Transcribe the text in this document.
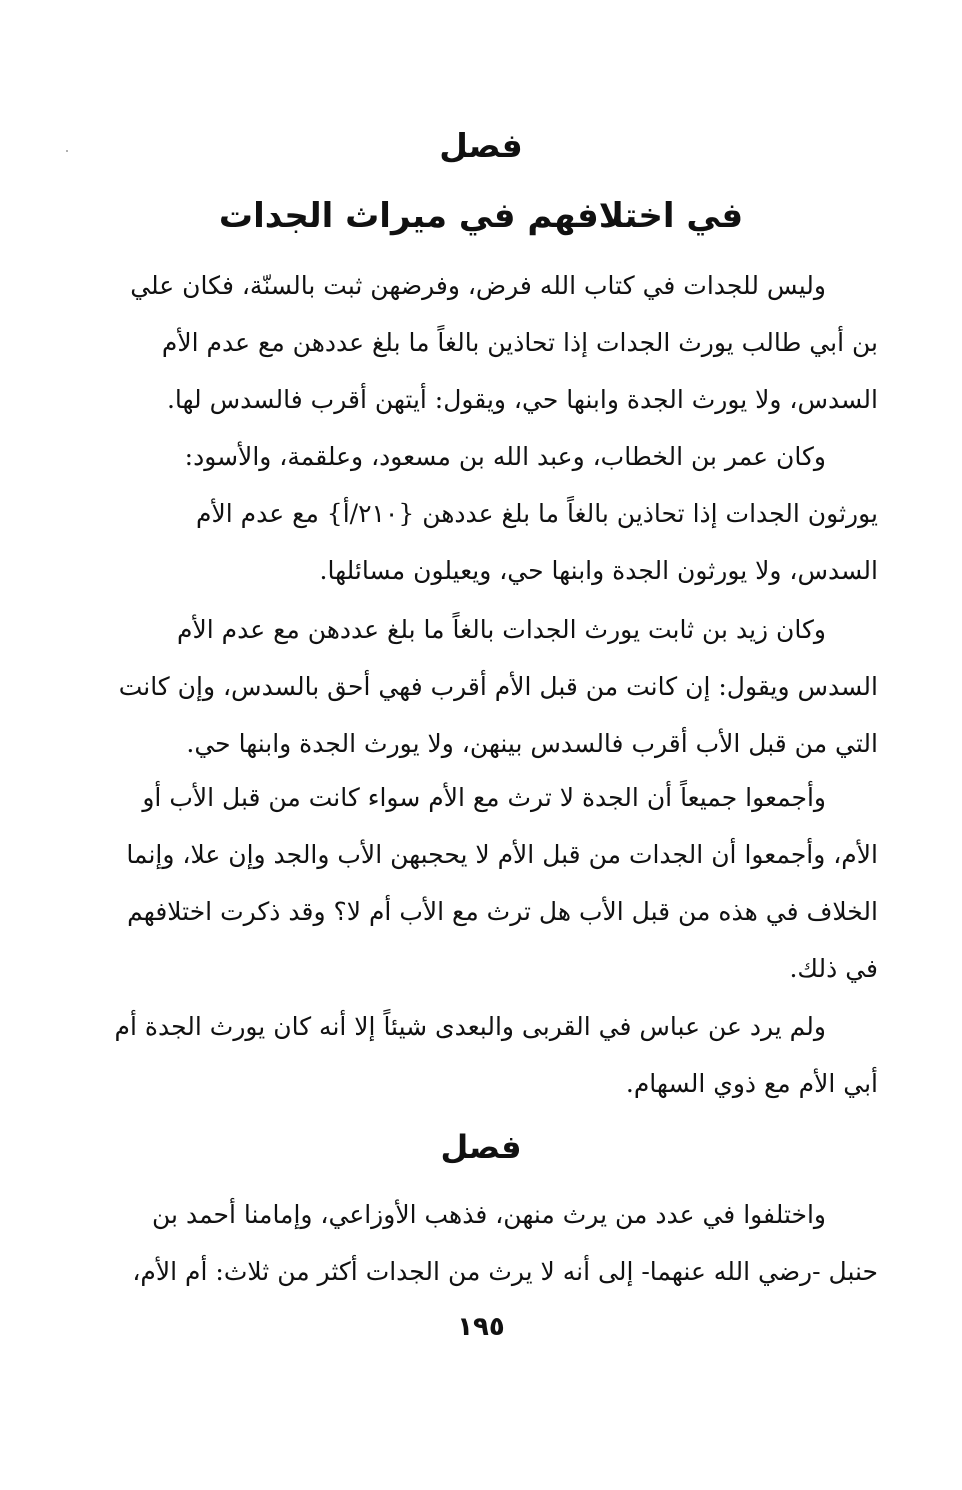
فصل
في اختلافهم في ميراث الجدات
وليس للجدات في كتاب الله فرض، وفرضهن ثبت بالسنّة، فكان علي
بن أبي طالب يورث الجدات إذا تحاذين بالغاً ما بلغ عددهن مع عدم الأم
السدس، ولا يورث الجدة وابنها حي، ويقول: أيتهن أقرب فالسدس لها.
وكان عمر بن الخطاب، وعبد الله بن مسعود، وعلقمة، والأسود:
يورثون الجدات إذا تحاذين بالغاً ما بلغ عددهن {٢١٠/أ} مع عدم الأم
السدس، ولا يورثون الجدة وابنها حي، ويعيلون مسائلها.
وكان زيد بن ثابت يورث الجدات بالغاً ما بلغ عددهن مع عدم الأم
السدس ويقول: إن كانت من قبل الأم أقرب فهي أحق بالسدس، وإن كانت
التي من قبل الأب أقرب فالسدس بينهن، ولا يورث الجدة وابنها حي.
وأجمعوا جميعاً أن الجدة لا ترث مع الأم سواء كانت من قبل الأب أو
الأم، وأجمعوا أن الجدات من قبل الأم لا يحجبهن الأب والجد وإن علا، وإنما
الخلاف في هذه من قبل الأب هل ترث مع الأب أم لا؟ وقد ذكرت اختلافهم
في ذلك.
ولم يرد عن عباس في القربى والبعدى شيئاً إلا أنه كان يورث الجدة أم
أبي الأم مع ذوي السهام.
فصل
واختلفوا في عدد من يرث منهن، فذهب الأوزاعي، وإمامنا أحمد بن
حنبل -رضي الله عنهما- إلى أنه لا يرث من الجدات أكثر من ثلاث: أم الأم،
١٩٥
